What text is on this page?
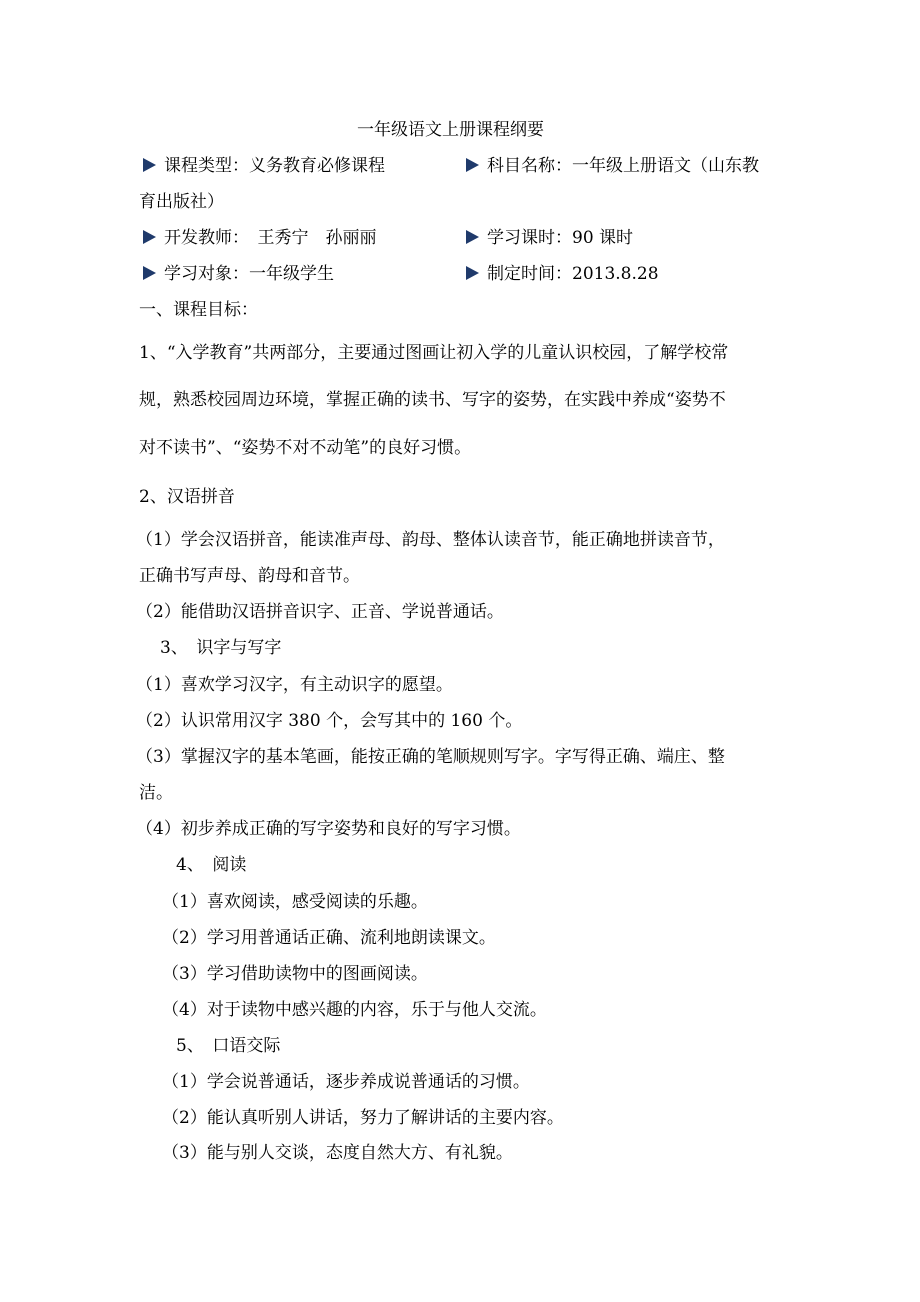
一年级语文上册课程纲要
课程类型：义务教育必修课程	科目名称：一年级上册语文（山东教
育出版社）
开发教师：　王秀宁　孙丽丽	学习课时：90 课时
学习对象：一年级学生	制定时间：2013.8.28
一、课程目标：
1、“入学教育”共两部分，主要通过图画让初入学的儿童认识校园，了解学校常
规，熟悉校园周边环境，掌握正确的读书、写字的姿势，在实践中养成“姿势不
对不读书”、“姿势不对不动笔”的良好习惯。
2、汉语拼音
（1）学会汉语拼音，能读准声母、韵母、整体认读音节，能正确地拼读音节，
正确书写声母、韵母和音节。
（2）能借助汉语拼音识字、正音、学说普通话。
3、　识字与写字
（1）喜欢学习汉字，有主动识字的愿望。
（2）认识常用汉字 380 个，会写其中的 160 个。
（3）掌握汉字的基本笔画，能按正确的笔顺规则写字。字写得正确、端庄、整
洁。
（4）初步养成正确的写字姿势和良好的写字习惯。
4、　阅读
（1）喜欢阅读，感受阅读的乐趣。
（2）学习用普通话正确、流利地朗读课文。
（3）学习借助读物中的图画阅读。
（4）对于读物中感兴趣的内容，乐于与他人交流。
5、　口语交际
（1）学会说普通话，逐步养成说普通话的习惯。
（2）能认真听别人讲话，努力了解讲话的主要内容。
（3）能与别人交谈，态度自然大方、有礼貌。
